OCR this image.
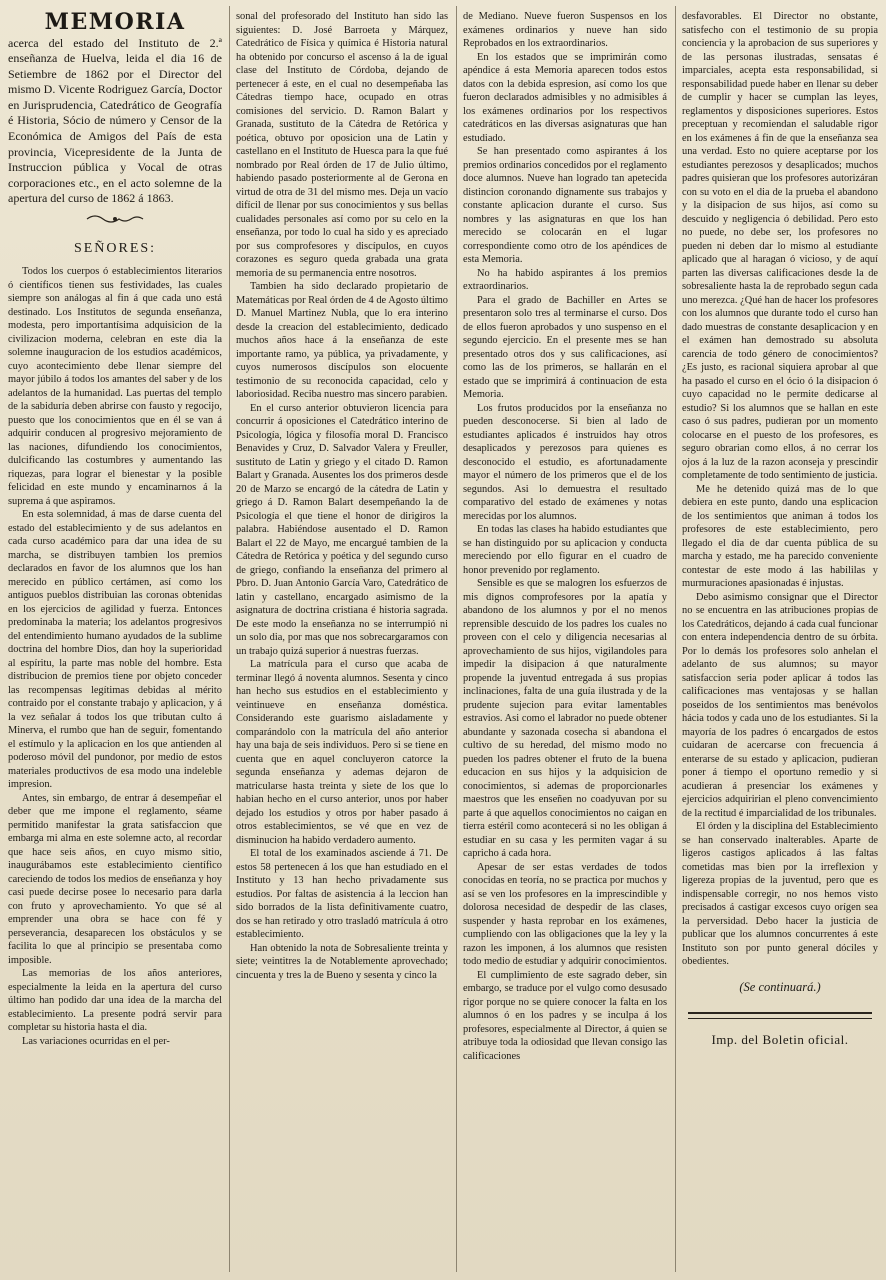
MEMORIA
acerca del estado del Instituto de 2.ª enseñanza de Huelva, leida el dia 16 de Setiembre de 1862 por el Director del mismo D. Vicente Rodriguez García, Doctor en Jurisprudencia, Catedrático de Geografía é Historia, Sócio de número y Censor de la Económica de Amigos del País de esta provincia, Vicepresidente de la Junta de Instruccion pública y Vocal de otras corporaciones etc., en el acto solemne de la apertura del curso de 1862 á 1863.
SEÑORES:

Todos los cuerpos ó establecimientos literarios ó científicos tienen sus festividades, las cuales siempre son análogas al fin á que cada uno está destinado. Los Institutos de segunda enseñanza, modesta, pero importantísima adquisicion de la civilizacion moderna, celebran en este dia la solemne inauguracion de los estudios académicos, cuyo acontecimiento debe llenar siempre del mayor júbilo á todos los amantes del saber y de los adelantos de la humanidad. Las puertas del templo de la sabiduría deben abrirse con fausto y regocijo, puesto que los conocimientos que en él se van á adquirir conducen al progresivo mejoramiento de las naciones, difundiendo los conocimientos, dulcificando las costumbres y aumentando las riquezas, para lograr el bienestar y la posible felicidad en este mundo y encaminarnos á la suprema á que aspiramos.

En esta solemnidad, á mas de darse cuenta del estado del establecimiento y de sus adelantos en cada curso académico para dar una idea de su marcha, se distribuyen tambien los premios declarados en favor de los alumnos que los han merecido en público certámen, así como los antiguos pueblos distribuian las coronas obtenidas en los ejercicios de agilidad y fuerza. Entonces predominaba la materia; los adelantos progresivos del entendimiento humano ayudados de la sublime doctrina del hombre Dios, dan hoy la superioridad al espíritu, la parte mas noble del hombre. Esta distribucion de premios tiene por objeto conceder las recompensas legítimas debidas al mérito contraido por el constante trabajo y aplicacion, y á la vez señalar á todos los que tributan culto á Minerva, el rumbo que han de seguir, fomentando el estímulo y la aplicacion en los que antienden al poderoso móvil del pundonor, por medio de estos materiales productivos de esa modo una indeleble impresion.

Antes, sin embargo, de entrar á desempeñar el deber que me impone el reglamento, séame permitido manifestar la grata satisfaccion que embarga mi alma en este solemne acto, al recordar que hace seis años, en cuyo mismo sitio, inaugurábamos este establecimiento científico careciendo de todos los medios de enseñanza y hoy casi puede decirse posee lo necesario para darla con fruto y aprovechamiento. Yo que sé al emprender una obra se hace con fé y perseverancia, desaparecen los obstáculos y se facilita lo que al principio se presentaba como imposible.

Las memorias de los años anteriores, especialmente la leida en la apertura del curso último han podido dar una idea de la marcha del establecimiento. La presente podrá servir para completar su historia hasta el dia.

Las variaciones ocurridas en el per-

sonal del profesorado del Instituto han sido las siguientes: D. José Barroeta y Márquez, Catedrático de Física y química é Historia natural ha obtenido por concurso el ascenso á la de igual clase del Instituto de Córdoba, dejando de pertenecer á este, en el cual no desempeñaba las Cátedras tiempo hace, ocupado en otras comisiones del servicio. D. Ramon Balart y Granada, sustituto de la Cátedra de Retórica y poética, obtuvo por oposicion una de Latin y castellano en el Instituto de Huesca para la que fué nombrado por Real órden de 17 de Julio último, habiendo pasado posteriormente al de Gerona en virtud de otra de 31 del mismo mes. Deja un vacío difícil de llenar por sus conocimientos y sus bellas cualidades personales así como por su celo en la enseñanza, por todo lo cual ha sido y es apreciado por sus comprofesores y discípulos, en cuyos corazones es seguro queda grabada una grata memoria de su permanencia entre nosotros.

Tambien ha sido declarado propietario de Matemáticas por Real órden de 4 de Agosto último D. Manuel Martinez Nubla, que lo era interino desde la creacion del establecimiento, dedicado muchos años hace á la enseñanza de este importante ramo, ya pública, ya privadamente, y cuyos numerosos discípulos son elocuente testimonio de su reconocida capacidad, celo y laboriosidad. Reciba nuestro mas sincero parabien.

En el curso anterior obtuvieron licencia para concurrir á oposiciones el Catedrático interino de Psicología, lógica y filosofía moral D. Francisco Benavides y Cruz, D. Salvador Valera y Freuller, sustituto de Latin y griego y el citado D. Ramon Balart y Granada. Ausentes los dos primeros desde 20 de Marzo se encargó de la cátedra de Latin y griego á D. Ramon Balart desempeñando la de Psicología el que tiene el honor de dirigiros la palabra. Habiéndose ausentado el D. Ramon Balart el 22 de Mayo, me encargué tambien de la Cátedra de Retórica y poética y del segundo curso de griego, confiando la enseñanza del primero al Pbro. D. Juan Antonio García Varo, Catedrático de latin y castellano, encargado asimismo de la asignatura de doctrina cristiana é historia sagrada. De este modo la enseñanza no se interrumpió ni un solo dia, por mas que nos sobrecargaramos con un trabajo quizá superior á nuestras fuerzas.

La matrícula para el curso que acaba de terminar llegó á noventa alumnos. Sesenta y cinco han hecho sus estudios en el establecimiento y veintinueve en enseñanza doméstica. Considerando este guarismo aisladamente y comparándolo con la matrícula del año anterior hay una baja de seis individuos. Pero si se tiene en cuenta que en aquel concluyeron catorce la segunda enseñanza y ademas dejaron de matricularse hasta treinta y siete de los que lo habian hecho en el curso anterior, unos por haber dejado los estudios y otros por haber pasado á otros establecimientos, se vé que en vez de disminucion ha habido verdadero aumento.

El total de los examinados asciende á 71. De estos 58 pertenecen á los que han estudiado en el Instituto y 13 han hecho privadamente sus estudios. Por faltas de asistencia á la leccion han sido borrados de la lista definitivamente cuatro, dos se han retirado y otro trasladó matrícula á otro establecimiento.

Han obtenido la nota de Sobresaliente treinta y siete; veintitres la de Notablemente aprovechado; cincuenta y tres la de Bueno y sesenta y cinco la

de Mediano. Nueve fueron Suspensos en los exámenes ordinarios y nueve han sido Reprobados en los extraordinarios.

En los estados que se imprimirán como apéndice á esta Memoria aparecen todos estos datos con la debida espresion, así como los que fueron declarados admisibles y no admisibles á los exámenes ordinarios por los respectivos catedráticos en las diversas asignaturas que han estudiado.

Se han presentado como aspirantes á los premios ordinarios concedidos por el reglamento doce alumnos. Nueve han logrado tan apetecida distincion coronando dignamente sus trabajos y constante aplicacion durante el curso. Sus nombres y las asignaturas en que los han merecido se colocarán en el lugar correspondiente como otro de los apéndices de esta Memoria.

No ha habido aspirantes á los premios extraordinarios.

Para el grado de Bachiller en Artes se presentaron solo tres al terminarse el curso. Dos de ellos fueron aprobados y uno suspenso en el segundo ejercicio. En el presente mes se han presentado otros dos y sus calificaciones, así como las de los primeros, se hallarán en el estado que se imprimirá á continuacion de esta Memoria.

Los frutos producidos por la enseñanza no pueden desconocerse. Si bien al lado de estudiantes aplicados é instruidos hay otros desaplicados y perezosos para quienes es desconocido el estudio, es afortunadamente mayor el número de los primeros que el de los segundos. Asi lo demuestra el resultado comparativo del estado de exámenes y notas merecidas por los alumnos.

En todas las clases ha habido estudiantes que se han distinguido por su aplicacion y conducta mereciendo por ello figurar en el cuadro de honor prevenido por reglamento.

Sensible es que se malogren los esfuerzos de mis dignos comprofesores por la apatía y abandono de los alumnos y por el no menos reprensible descuido de los padres los cuales no proveen con el celo y diligencia necesarias al aprovechamiento de sus hijos, vigilandoles para impedir la disipacion á que naturalmente propende la juventud entregada á sus propias inclinaciones, falta de una guía ilustrada y de la prudente sujecion para evitar lamentables estravios. Asi como el labrador no puede obtener abundante y sazonada cosecha si abandona el cultivo de su heredad, del mismo modo no pueden los padres obtener el fruto de la buena educacion en sus hijos y la adquisicion de conocimientos, si ademas de proporcionarles maestros que les enseñen no coadyuvan por su parte á que aquellos conocimientos no caigan en tierra estéril como acontecerá si no les obligan á estudiar en su casa y les permiten vagar á su capricho á cada hora.

Apesar de ser estas verdades de todos conocidas en teoría, no se practica por muchos y así se ven los profesores en la imprescindible y dolorosa necesidad de despedir de las clases, suspender y hasta reprobar en los exámenes, cumpliendo con las obligaciones que la ley y la razon les imponen, á los alumnos que resisten todo medio de estudiar y adquirir conocimientos.

El cumplimiento de este sagrado deber, sin embargo, se traduce por el vulgo como desusado rigor porque no se quiere conocer la falta en los alumnos ó en los padres y se inculpa á los profesores, especialmente al Director, á quien se atribuye toda la odiosidad que llevan consigo las calificaciones

desfavorables. El Director no obstante, satisfecho con el testimonio de su propia conciencia y la aprobacion de sus superiores y de las personas ilustradas, sensatas é imparciales, acepta esta responsabilidad, si responsabilidad puede haber en llenar su deber de cumplir y hacer se cumplan las leyes, reglamentos y disposiciones superiores. Estos preceptuan y recomiendan el saludable rigor en los exámenes á fin de que la enseñanza sea una verdad. Esto no quiere aceptarse por los estudiantes perezosos y desaplicados; muchos padres quisieran que los profesores autorizáran con su voto en el dia de la prueba el abandono y la disipacion de sus hijos, así como su descuido y negligencia ó debilidad. Pero esto no puede, no debe ser, los profesores no pueden ni deben dar lo mismo al estudiante aplicado que al haragan ó vicioso, y de aquí parten las diversas calificaciones desde la de sobresaliente hasta la de reprobado segun cada uno merezca. ¿Qué han de hacer los profesores con los alumnos que durante todo el curso han dado muestras de constante desaplicacion y en el exámen han demostrado su absoluta carencia de todo género de conocimientos? ¿Es justo, es racional siquiera aprobar al que ha pasado el curso en el ócio ó la disipacion ó cuyo capacidad no le permite dedicarse al estudio? Si los alumnos que se hallan en este caso ó sus padres, pudieran por un momento colocarse en el puesto de los profesores, es seguro obrarian como ellos, á no cerrar los ojos á la luz de la razon aconseja y prescindir completamente de todo sentimiento de justicia.

Me he detenido quizá mas de lo que debiera en este punto, dando una esplicacion de los sentimientos que animan á todos los profesores de este establecimiento, pero llegado el dia de dar cuenta pública de su marcha y estado, me ha parecido conveniente contestar de este modo á las habililas y murmuraciones apasionadas é injustas.

Debo asimismo consignar que el Director no se encuentra en las atribuciones propias de los Catedráticos, dejando á cada cual funcionar con entera independencia dentro de su órbita. Por lo demás los profesores solo anhelan el adelanto de sus alumnos; su mayor satisfaccion seria poder aplicar á todos las calificaciones mas ventajosas y se hallan poseidos de los sentimientos mas benévolos hácia todos y cada uno de los estudiantes. Si la mayoría de los padres ó encargados de estos cuidaran de acercarse con frecuencia á enterarse de su estado y aplicacion, pudieran poner á tiempo el oportuno remedio y si acudieran á presenciar los exámenes y ejercicios adquiririan el pleno convencimiento de la rectitud é imparcialidad de los tribunales.

El órden y la disciplina del Establecimiento se han conservado inalterables. Aparte de ligeros castigos aplicados á las faltas cometidas mas bien por la irreflexion y ligereza propias de la juventud, pero que es indispensable corregir, no nos hemos visto precisados á castigar excesos cuyo orígen sea la perversidad. Debo hacer la justicia de publicar que los alumnos concurrentes á este Instituto son por punto general dóciles y obedientes.

(Se continuará.)
Imp. del Boletin oficial.
